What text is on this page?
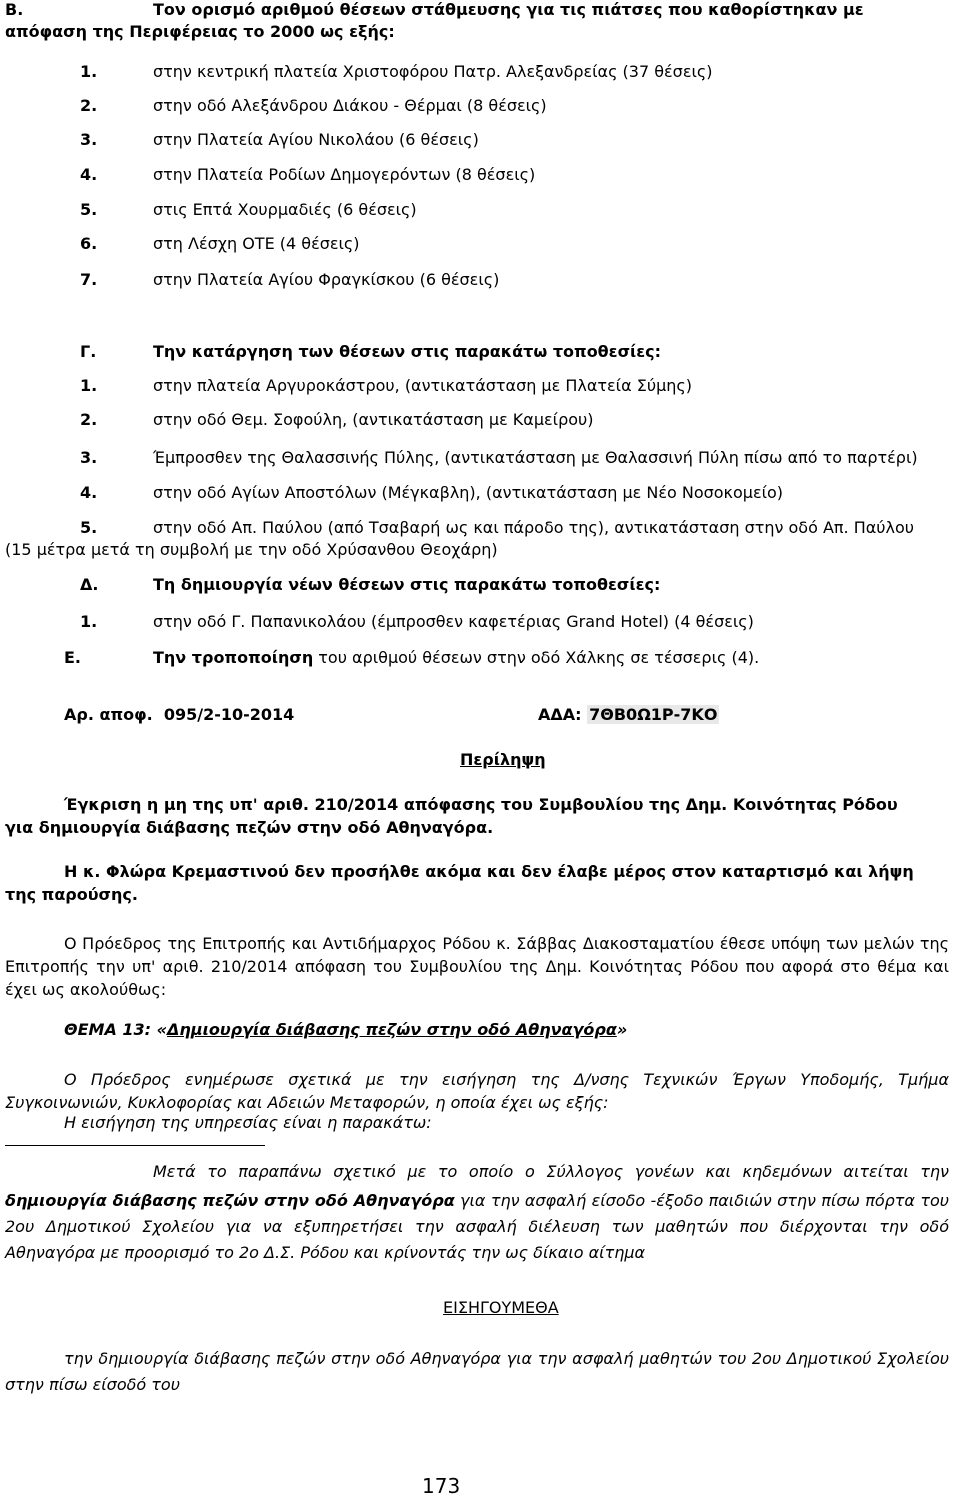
Β.	Τον ορισμό αριθμού θέσεων στάθμευσης για τις πιάτσες που καθορίστηκαν με
απόφαση της Περιφέρειας το 2000 ως εξής:
1.	στην κεντρική πλατεία Χριστοφόρου Πατρ. Αλεξανδρείας (37 θέσεις)
2.	στην οδό Αλεξάνδρου Διάκου - Θέρμαι (8 θέσεις)
3.	στην Πλατεία Αγίου Νικολάου (6 θέσεις)
4.	στην Πλατεία Ροδίων Δημογερόντων (8 θέσεις)
5.	στις Επτά Χουρμαδιές (6 θέσεις)
6.	στη Λέσχη ΟΤΕ (4 θέσεις)
7.	στην Πλατεία Αγίου Φραγκίσκου (6 θέσεις)
Γ.	Την κατάργηση των θέσεων στις παρακάτω τοποθεσίες:
1.	στην πλατεία Αργυροκάστρου, (αντικατάσταση με Πλατεία Σύμης)
2.	στην οδό Θεμ. Σοφούλη, (αντικατάσταση με Καμείρου)
3.	Έμπροσθεν της Θαλασσινής Πύλης, (αντικατάσταση με Θαλασσινή Πύλη πίσω από το παρτέρι)
4.	στην οδό Αγίων Αποστόλων (Μέγκαβλη), (αντικατάσταση με Νέο Νοσοκομείο)
5.	στην οδό Απ. Παύλου (από Τσαβαρή ως και πάροδο της), αντικατάσταση στην οδό Απ. Παύλου
(15 μέτρα μετά τη συμβολή με την οδό Χρύσανθου Θεοχάρη)
Δ.	Τη δημιουργία νέων θέσεων στις παρακάτω τοποθεσίες:
1.	στην οδό Γ. Παπανικολάου (έμπροσθεν καφετέριας Grand Hotel) (4 θέσεις)
Ε.	Την τροποποίηση του αριθμού θέσεων στην οδό Χάλκης σε τέσσερις (4).
Αρ. αποφ.  095/2-10-2014	ΑΔΑ: 7ΘΒ0Ω1Ρ-7ΚΟ
Περίληψη
Έγκριση η μη της υπ' αριθ. 210/2014 απόφασης του Συμβουλίου της Δημ. Κοινότητας Ρόδου
για δημιουργία διάβασης πεζών στην οδό Αθηναγόρα.
Η κ. Φλώρα Κρεμαστινού δεν προσήλθε ακόμα και δεν έλαβε μέρος στον καταρτισμό και λήψη
της παρούσης.
Ο Πρόεδρος της Επιτροπής και Αντιδήμαρχος Ρόδου κ. Σάββας Διακοσταματίου έθεσε υπόψη των μελών της Επιτροπής την υπ' αριθ. 210/2014 απόφαση του Συμβουλίου της Δημ. Κοινότητας Ρόδου που αφορά στο θέμα και έχει ως ακολούθως:
ΘΕΜΑ 13: «Δημιουργία διάβασης πεζών στην οδό Αθηναγόρα»
Ο Πρόεδρος ενημέρωσε σχετικά με την εισήγηση της Δ/νσης Τεχνικών Έργων Υποδομής, Τμήμα Συγκοινωνιών, Κυκλοφορίας και Αδειών Μεταφορών, η οποία έχει ως εξής:
Η εισήγηση της υπηρεσίας είναι η παρακάτω:
Μετά το παραπάνω σχετικό με το οποίο ο Σύλλογος γονέων και κηδεμόνων αιτείται την
δημιουργία διάβασης πεζών στην οδό Αθηναγόρα για την ασφαλή είσοδο -έξοδο παιδιών στην πίσω πόρτα του 2ου Δημοτικού Σχολείου για να εξυπηρετήσει την ασφαλή διέλευση των μαθητών που διέρχονται την οδό Αθηναγόρα με προορισμό το 2ο Δ.Σ. Ρόδου και κρίνοντάς την ως δίκαιο αίτημα
ΕΙΣΗΓΟΥΜΕΘΑ
την δημιουργία διάβασης πεζών στην οδό Αθηναγόρα για την ασφαλή μαθητών του 2ου Δημοτικού Σχολείου στην πίσω είσοδό του
173
